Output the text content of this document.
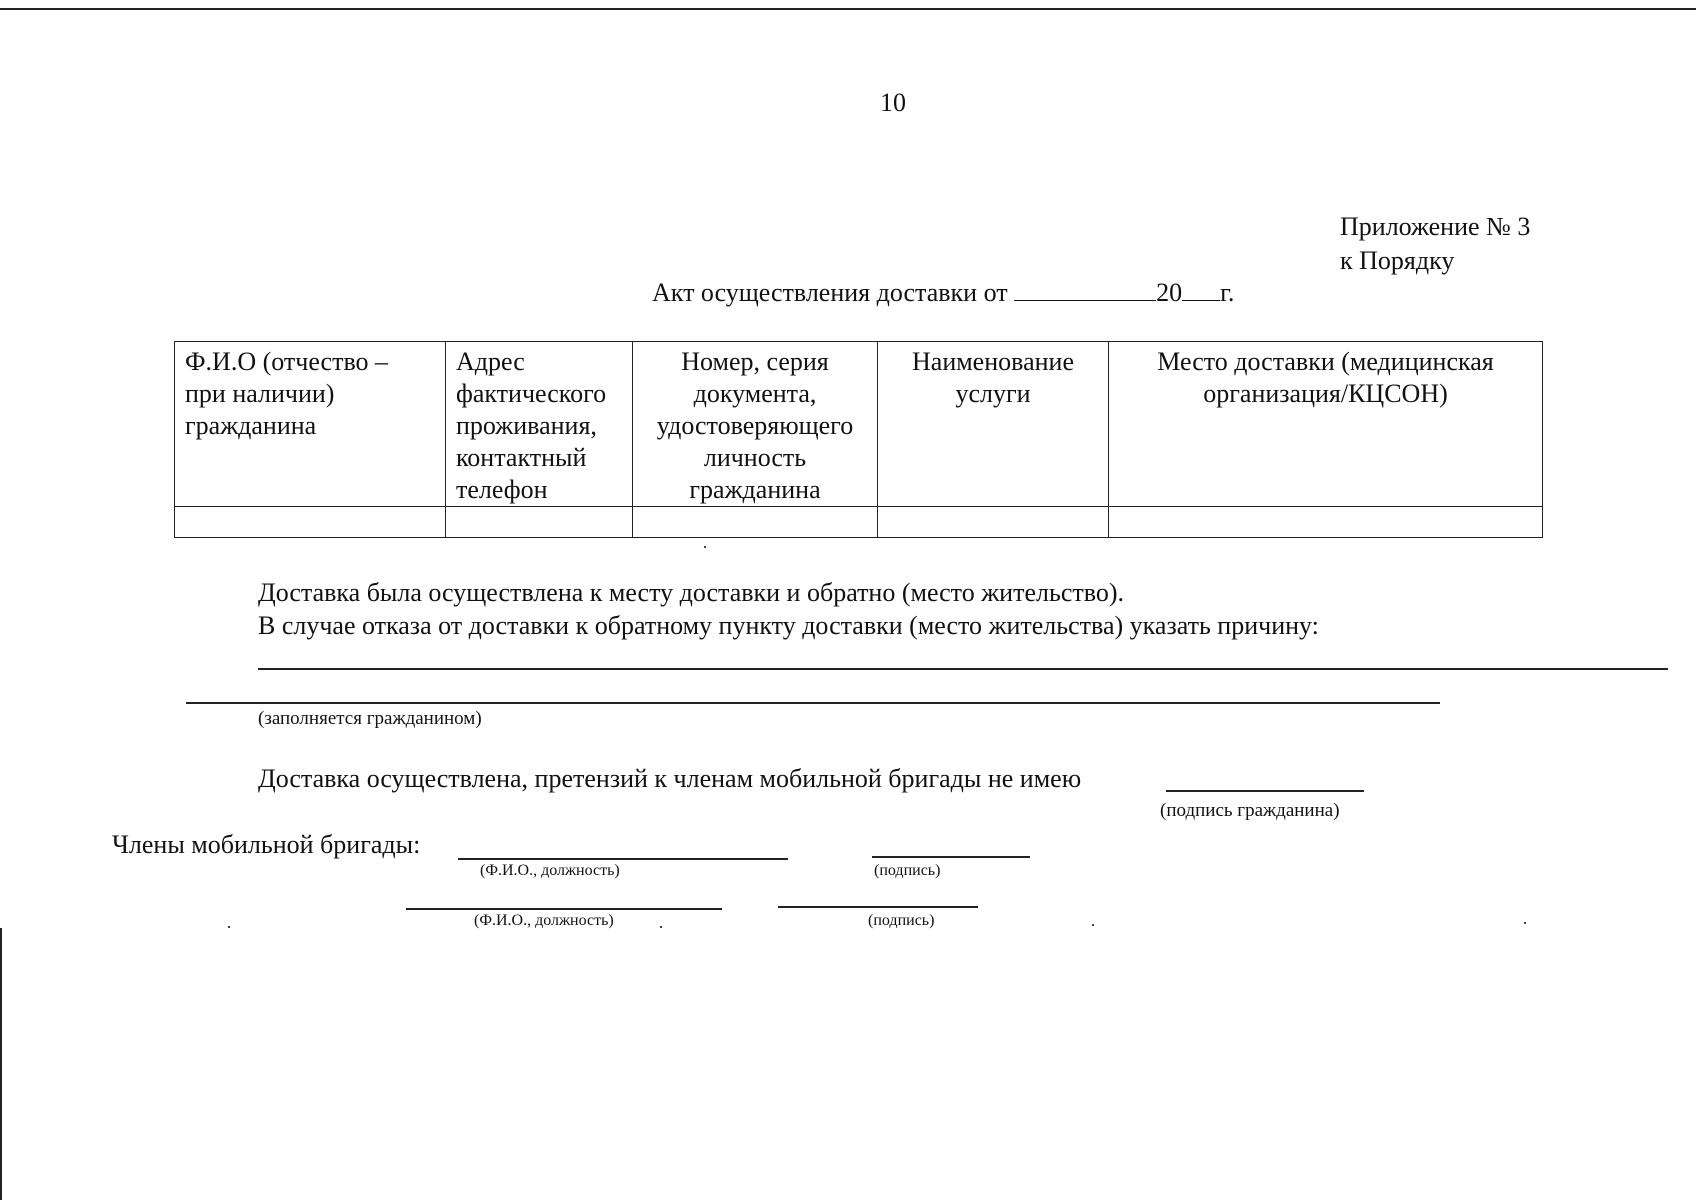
10
Приложение № 3
к Порядку
Акт осуществления доставки от	20 г.
Ф.И.О (отчество – при наличии) гражданина	Адрес фактического проживания, контактный телефон	Номер, серия документа, удостоверяющего личность гражданина	Наименование услуги	Место доставки (медицинская организация/КЦСОН)

Доставка была осуществлена к месту доставки и обратно (место жительство).
В случае отказа от доставки к обратному пункту доставки (место жительства) указать причину:
(заполняется гражданином)
Доставка осуществлена, претензий к членам мобильной бригады не имею
(подпись гражданина)
Члены мобильной бригады:
(Ф.И.О., должность)	(подпись)
(Ф.И.О., должность)	(подпись)
